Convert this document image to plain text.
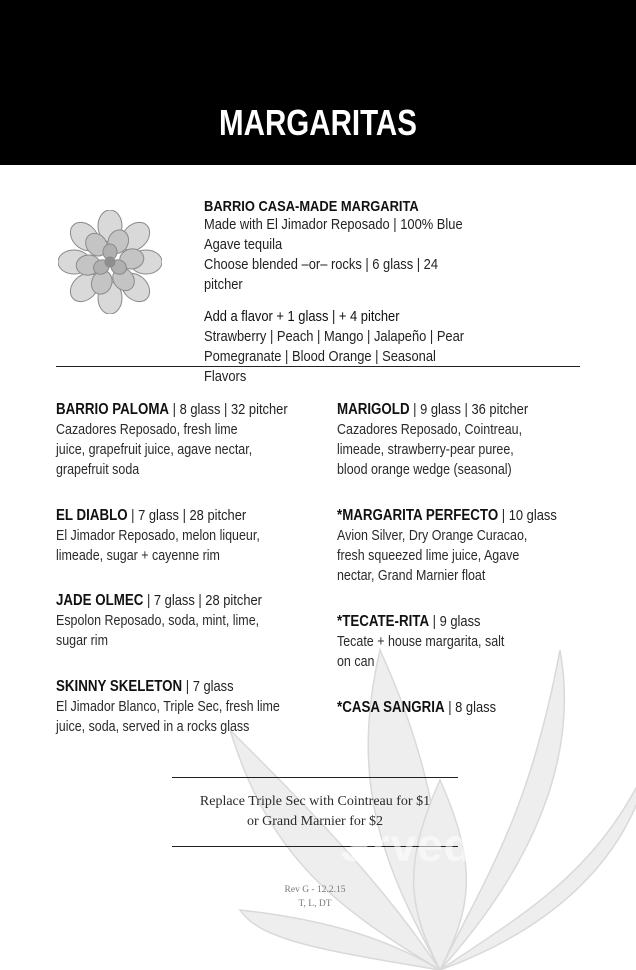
MARGARITAS
BARRIO CASA-MADE MARGARITA
Made with El Jimador Reposado | 100% Blue Agave tequila
Choose blended –or– rocks | 6 glass | 24 pitcher
Add a flavor + 1 glass | + 4 pitcher
Strawberry | Peach | Mango | Jalapeño | Pear
Pomegranate | Blood Orange | Seasonal Flavors
BARRIO PALOMA | 8 glass | 32 pitcher
Cazadores Reposado, fresh lime
juice, grapefruit juice, agave nectar,
grapefruit soda
EL DIABLO | 7 glass | 28 pitcher
El Jimador Reposado, melon liqueur,
limeade, sugar + cayenne rim
JADE OLMEC | 7 glass | 28 pitcher
Espolon Reposado, soda, mint, lime,
sugar rim
SKINNY SKELETON | 7 glass
El Jimador Blanco, Triple Sec, fresh lime
juice, soda, served in a rocks glass
MARIGOLD | 9 glass | 36 pitcher
Cazadores Reposado, Cointreau,
limeade, strawberry-pear puree,
blood orange wedge (seasonal)
*MARGARITA PERFECTO | 10 glass
Avion Silver, Dry Orange Curacao,
fresh squeezed lime juice, Agave
nectar, Grand Marnier float
*TECATE-RITA | 9 glass
Tecate + house margarita, salt
on can
*CASA SANGRIA | 8 glass
Replace Triple Sec with Cointreau for $1
or Grand Marnier for $2
Srved
Rev G - 12.2.15
T, L, DT
